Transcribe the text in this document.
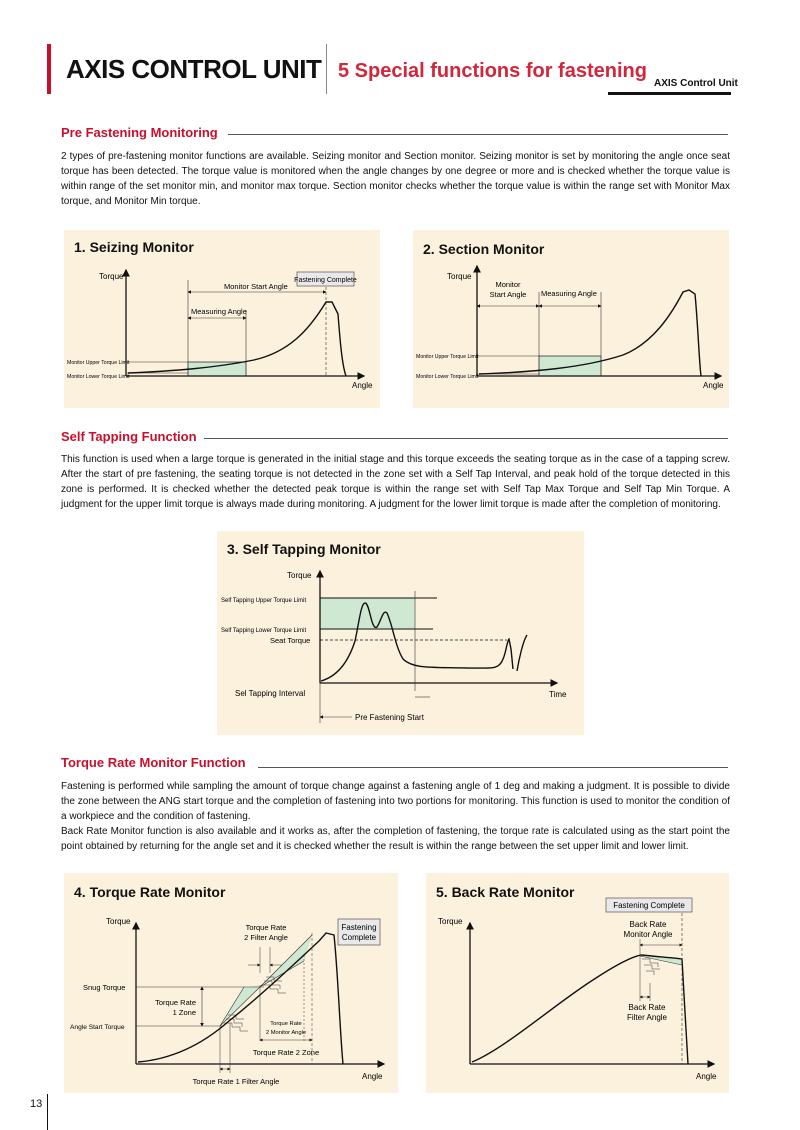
AXIS CONTROL UNIT 5 Special functions for fastening
AXIS Control Unit
Pre Fastening Monitoring

2 types of pre-fastening monitor functions are available. Seizing monitor and Section monitor. Seizing monitor is set by monitoring the angle once seat torque has been detected. The torque value is monitored when the angle changes by one degree or more and is checked whether the torque value is within range of the set monitor min, and monitor max torque. Section monitor checks whether the torque value is within the range set with Monitor Max torque, and Monitor Min torque.

1. Seizing Monitor
Fastening Complete
Torque
Angle
Monitor Start Angle
Measuring Angle
Monitor Upper Torque Limit
Monitor Lower Torque Limit
2. Section Monitor
Torque
Angle
Monitor
Start Angle Measuring Angle
Monitor Upper Torque Limit
Monitor Lower Torque Limit
Self Tapping Function

This function is used when a large torque is generated in the initial stage and this torque exceeds the seating torque as in the case of a tapping screw. After the start of pre fastening, the seating torque is not detected in the zone set with a Self Tap Interval, and peak hold of the torque detected in this zone is performed. It is checked whether the detected peak torque is within the range set with Self Tap Max Torque and Self Tap Min Torque. A judgment for the upper limit torque is always made during monitoring. A judgment for the lower limit torque is made after the completion of monitoring.

3. Self Tapping Monitor
Torque
Time
Self Tapping Upper Torque Limit
Self Tapping Lower Torque Limit
Seat Torque
Sel Tapping Interval
Pre Fastening Start
Torque Rate Monitor Function

Fastening is performed while sampling the amount of torque change against a fastening angle of 1 deg and making a judgment. It is possible to divide the zone between the ANG start torque and the completion of fastening into two portions for monitoring. This function is used to monitor the condition of a workpiece and the condition of fastening.

Back Rate Monitor function is also available and it works as, after the completion of fastening, the torque rate is calculated using as the start point the point obtained by returning for the angle set and it is checked whether the result is within the range between the set upper limit and lower limit.

4. Torque Rate Monitor
Fastening
Complete
Torque
Angle
Torque Rate
2 Filter Angle
Snug Torque
Torque Rate
1 Zone
Angle Start Torque	Torque Rate
2 Monitor Angle
Torque Rate 2 Zone
Torque Rate 1 Filter Angle
5. Back Rate Monitor
Fastening Complete
Torque
Angle
Back Rate
Monitor Angle
Back Rate
Filter Angle
13
